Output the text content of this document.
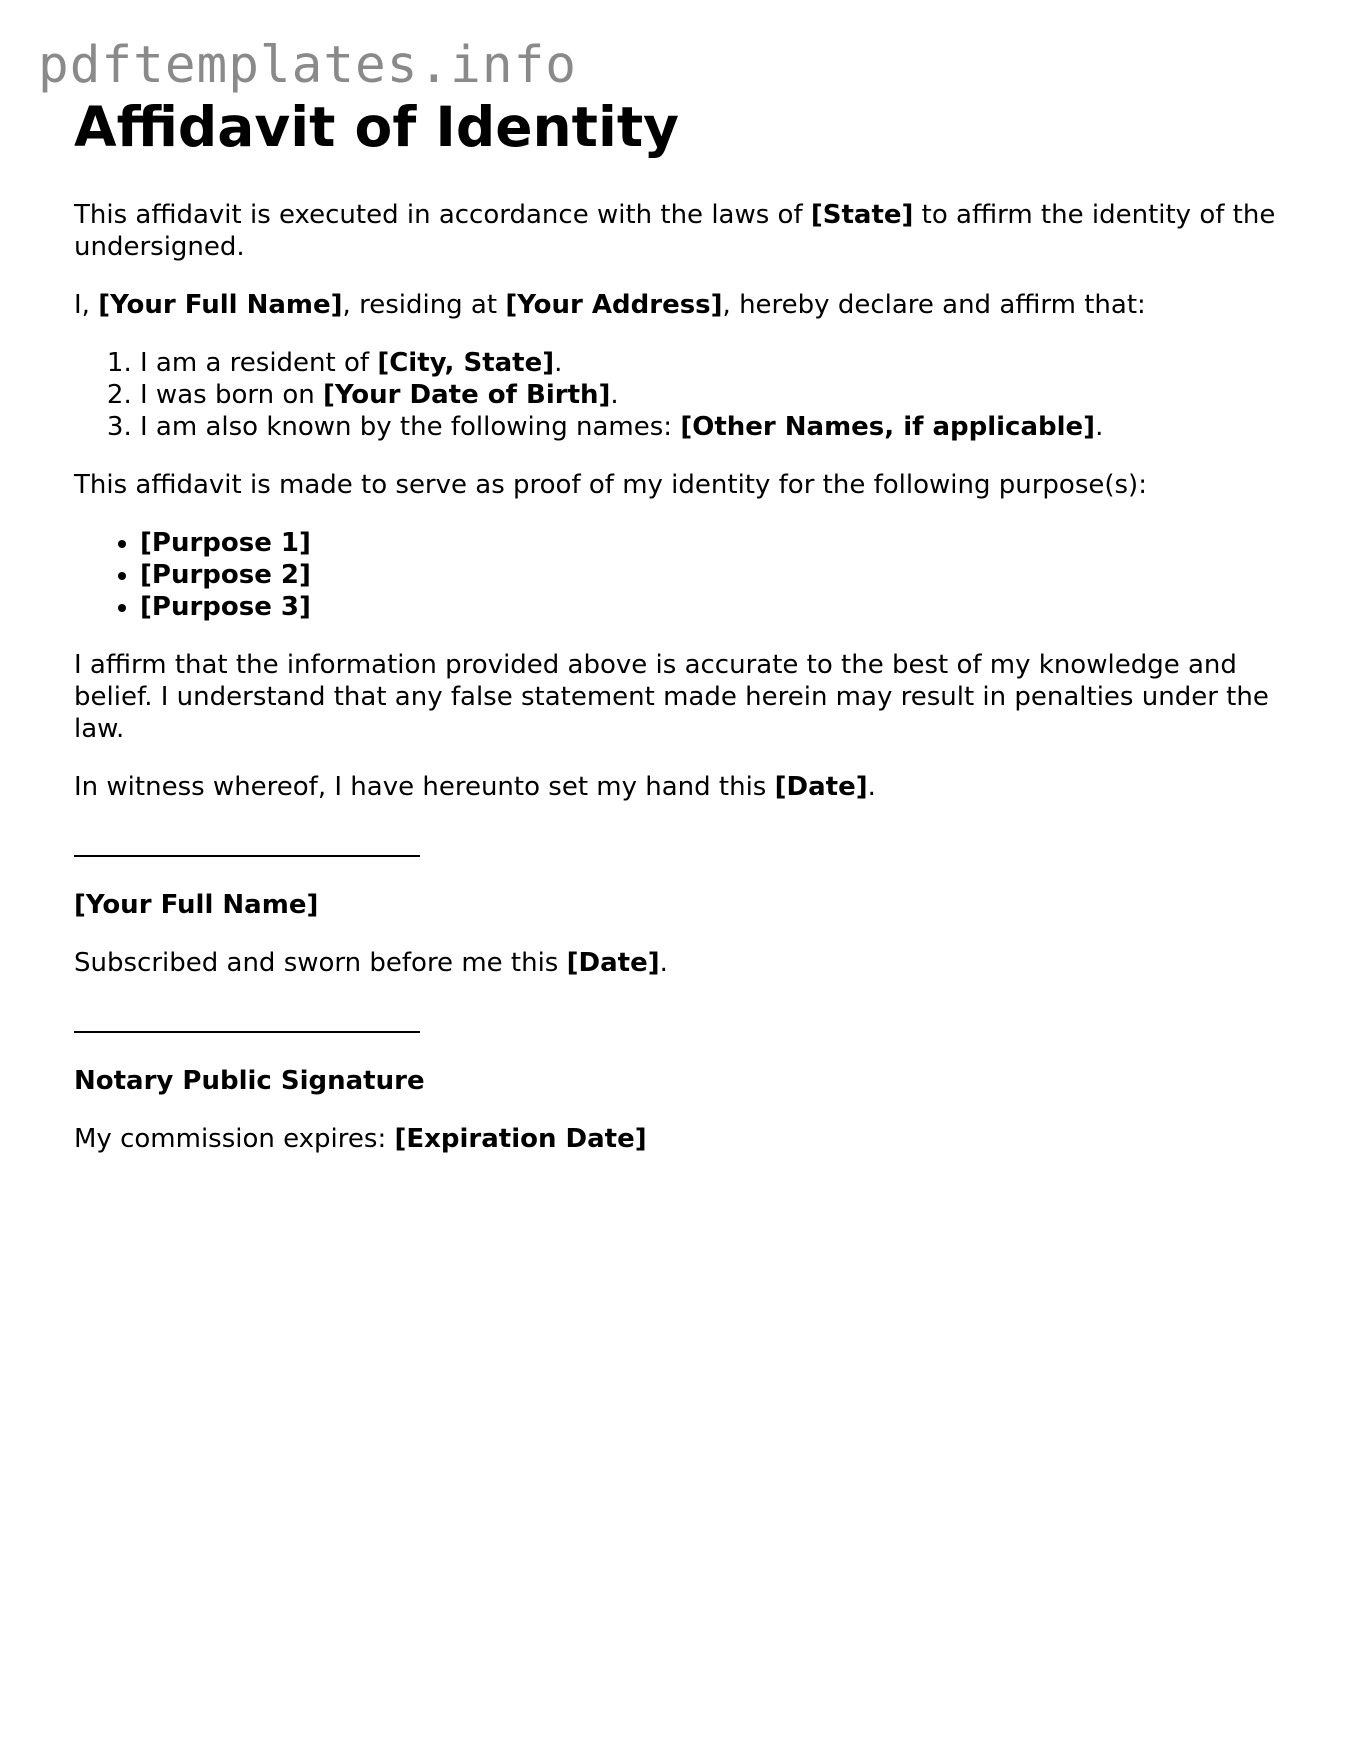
pdftemplates.info
Affidavit of Identity

This affidavit is executed in accordance with the laws of [State] to affirm the identity of the undersigned.

I, [Your Full Name], residing at [Your Address], hereby declare and affirm that:

1. I am a resident of [City, State].
2. I was born on [Your Date of Birth].
3. I am also known by the following names: [Other Names, if applicable].

This affidavit is made to serve as proof of my identity for the following purpose(s):

• [Purpose 1]
• [Purpose 2]
• [Purpose 3]

I affirm that the information provided above is accurate to the best of my knowledge and belief. I understand that any false statement made herein may result in penalties under the law.

In witness whereof, I have hereunto set my hand this [Date].

[Your Full Name]

Subscribed and sworn before me this [Date].

Notary Public Signature

My commission expires: [Expiration Date]
